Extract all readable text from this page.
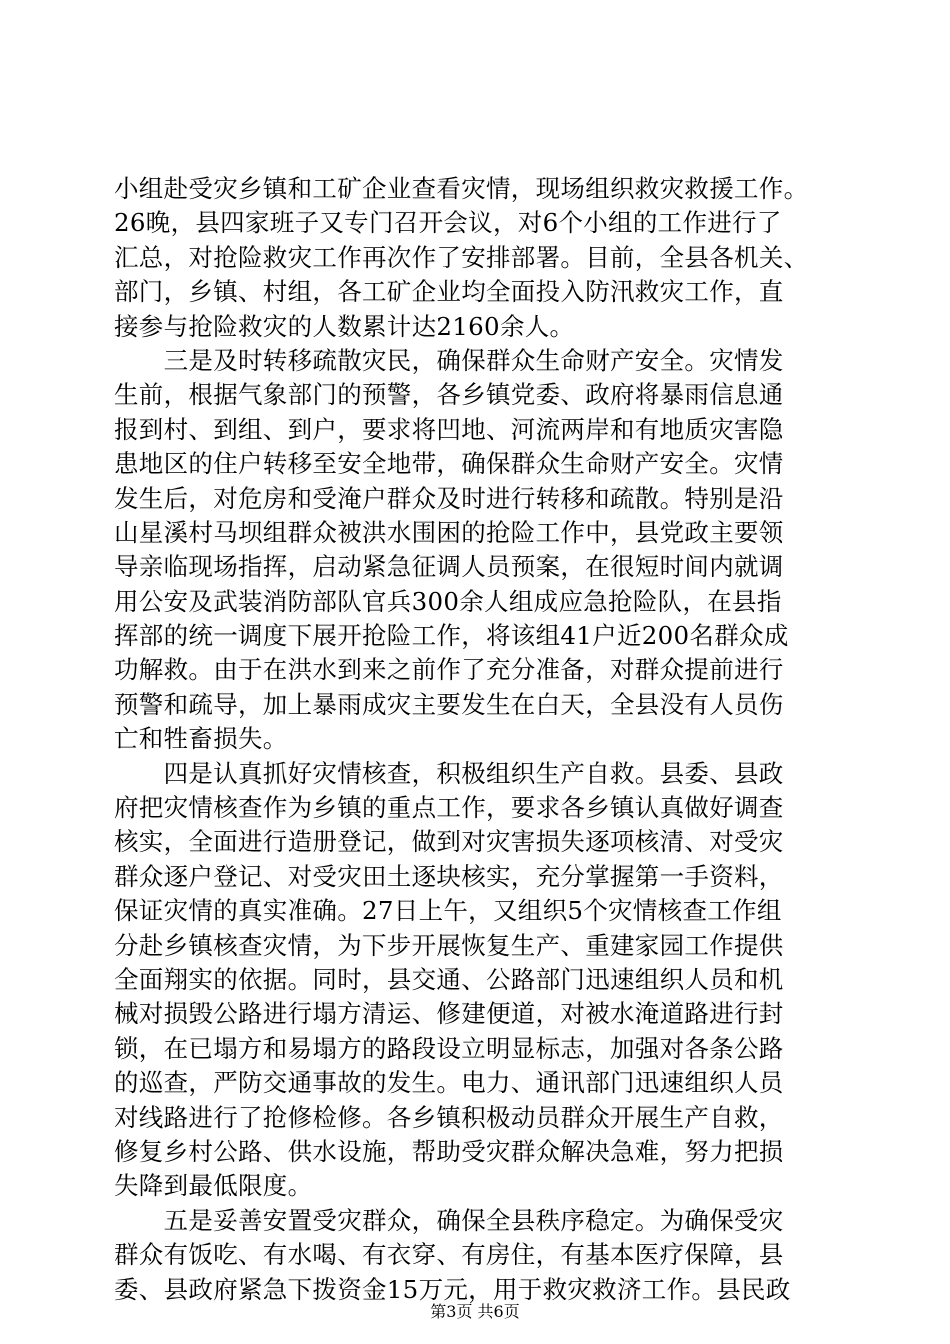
小组赴受灾乡镇和工矿企业查看灾情，现场组织救灾救援工作。
26晚，县四家班子又专门召开会议，对6个小组的工作进行了
汇总，对抢险救灾工作再次作了安排部署。目前，全县各机关、
部门，乡镇、村组，各工矿企业均全面投入防汛救灾工作，直
接参与抢险救灾的人数累计达2160余人。
　　三是及时转移疏散灾民，确保群众生命财产安全。灾情发
生前，根据气象部门的预警，各乡镇党委、政府将暴雨信息通
报到村、到组、到户，要求将凹地、河流两岸和有地质灾害隐
患地区的住户转移至安全地带，确保群众生命财产安全。灾情
发生后，对危房和受淹户群众及时进行转移和疏散。特别是沿
山星溪村马坝组群众被洪水围困的抢险工作中，县党政主要领
导亲临现场指挥，启动紧急征调人员预案，在很短时间内就调
用公安及武装消防部队官兵300余人组成应急抢险队，在县指
挥部的统一调度下展开抢险工作，将该组41户近200名群众成
功解救。由于在洪水到来之前作了充分准备，对群众提前进行
预警和疏导，加上暴雨成灾主要发生在白天，全县没有人员伤
亡和牲畜损失。
　　四是认真抓好灾情核查，积极组织生产自救。县委、县政
府把灾情核查作为乡镇的重点工作，要求各乡镇认真做好调查
核实，全面进行造册登记，做到对灾害损失逐项核清、对受灾
群众逐户登记、对受灾田土逐块核实，充分掌握第一手资料，
保证灾情的真实准确。27日上午，又组织5个灾情核查工作组
分赴乡镇核查灾情，为下步开展恢复生产、重建家园工作提供
全面翔实的依据。同时，县交通、公路部门迅速组织人员和机
械对损毁公路进行塌方清运、修建便道，对被水淹道路进行封
锁，在已塌方和易塌方的路段设立明显标志，加强对各条公路
的巡查，严防交通事故的发生。电力、通讯部门迅速组织人员
对线路进行了抢修检修。各乡镇积极动员群众开展生产自救，
修复乡村公路、供水设施，帮助受灾群众解决急难，努力把损
失降到最低限度。
　　五是妥善安置受灾群众，确保全县秩序稳定。为确保受灾
群众有饭吃、有水喝、有衣穿、有房住，有基本医疗保障，县
委、县政府紧急下拨资金15万元，用于救灾救济工作。县民政
第3页 共6页
